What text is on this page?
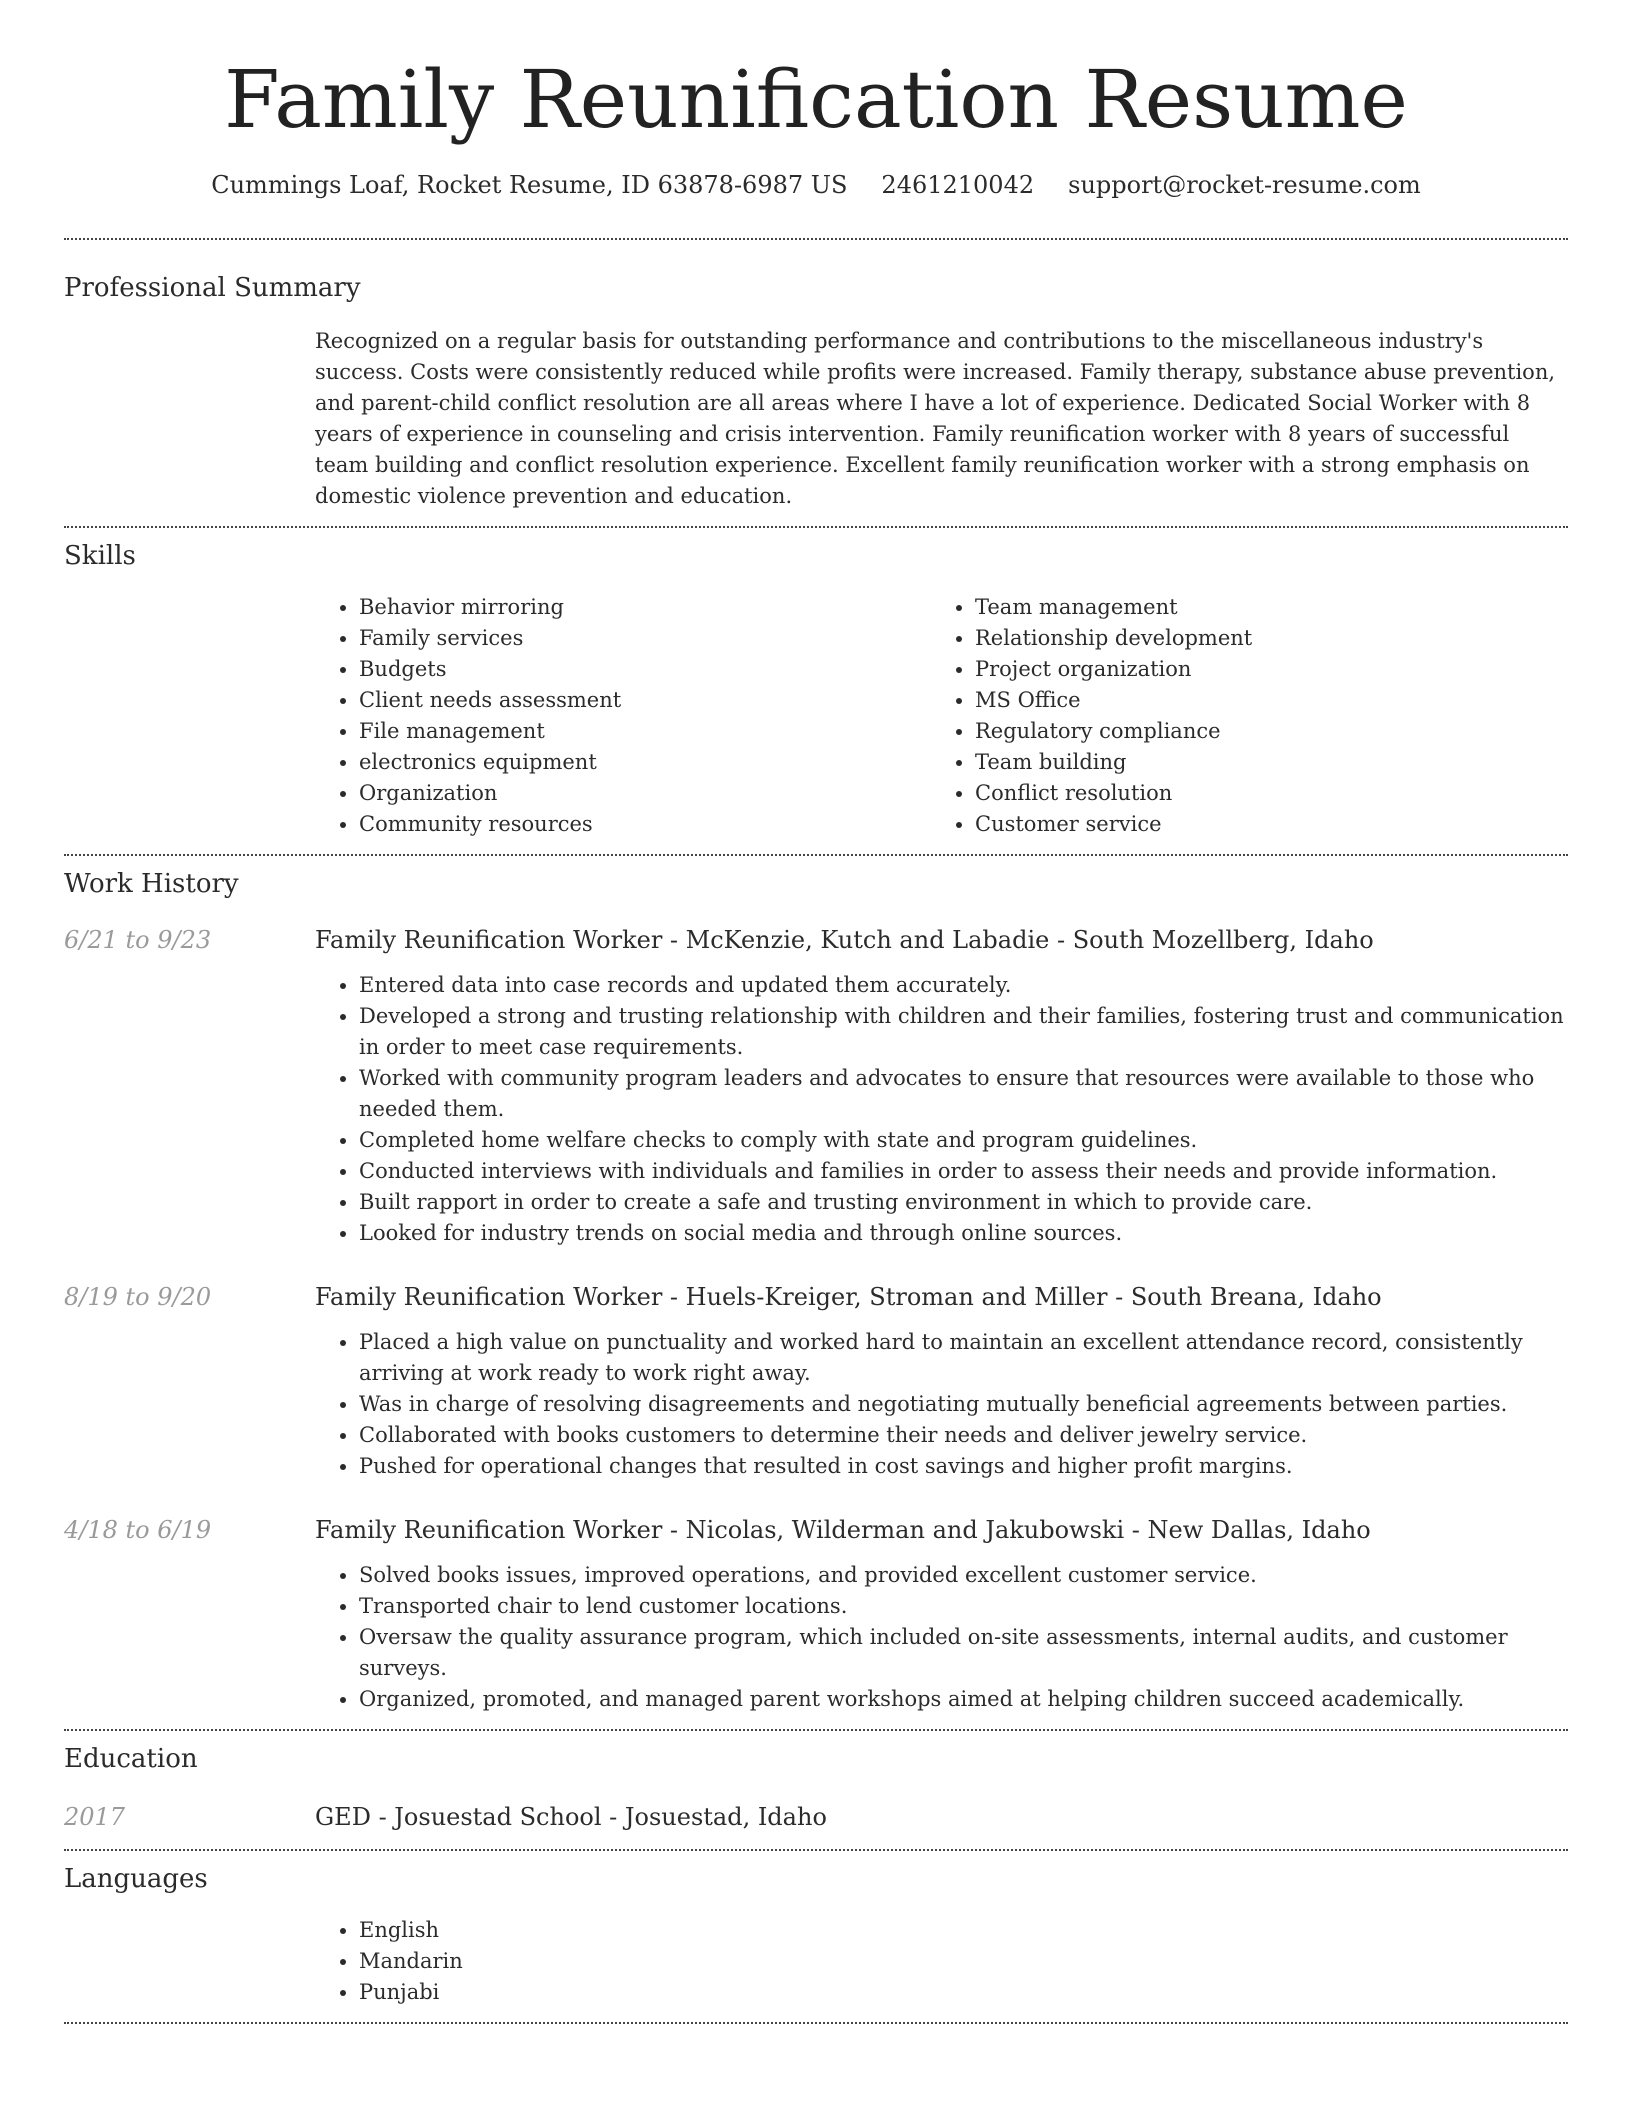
Family Reunification Resume
Cummings Loaf, Rocket Resume, ID 63878-6987 US 2461210042 support@rocket-resume.com
Professional Summary

Recognized on a regular basis for outstanding performance and contributions to the miscellaneous industry's success. Costs were consistently reduced while profits were increased. Family therapy, substance abuse prevention, and parent-child conflict resolution are all areas where I have a lot of experience. Dedicated Social Worker with 8 years of experience in counseling and crisis intervention. Family reunification worker with 8 years of successful team building and conflict resolution experience. Excellent family reunification worker with a strong emphasis on domestic violence prevention and education.

Skills
• Behavior mirroring
• Family services
• Budgets
• Client needs assessment
• File management
• electronics equipment
• Organization
• Community resources
• Team management
• Relationship development
• Project organization
• MS Office
• Regulatory compliance
• Team building
• Conflict resolution
• Customer service
Work History
6/21 to 9/23	Family Reunification Worker - McKenzie, Kutch and Labadie - South Mozellberg, Idaho
• Entered data into case records and updated them accurately.
• Developed a strong and trusting relationship with children and their families, fostering trust and communication in order to meet case requirements.
• Worked with community program leaders and advocates to ensure that resources were available to those who needed them.
• Completed home welfare checks to comply with state and program guidelines.
• Conducted interviews with individuals and families in order to assess their needs and provide information.
• Built rapport in order to create a safe and trusting environment in which to provide care.
• Looked for industry trends on social media and through online sources.
8/19 to 9/20	Family Reunification Worker - Huels-Kreiger, Stroman and Miller - South Breana, Idaho
• Placed a high value on punctuality and worked hard to maintain an excellent attendance record, consistently arriving at work ready to work right away.
• Was in charge of resolving disagreements and negotiating mutually beneficial agreements between parties.
• Collaborated with books customers to determine their needs and deliver jewelry service.
• Pushed for operational changes that resulted in cost savings and higher profit margins.
4/18 to 6/19	Family Reunification Worker - Nicolas, Wilderman and Jakubowski - New Dallas, Idaho
• Solved books issues, improved operations, and provided excellent customer service.
• Transported chair to lend customer locations.
• Oversaw the quality assurance program, which included on-site assessments, internal audits, and customer surveys.
• Organized, promoted, and managed parent workshops aimed at helping children succeed academically.
Education
2017	GED - Josuestad School - Josuestad, Idaho
Languages
• English
• Mandarin
• Punjabi
